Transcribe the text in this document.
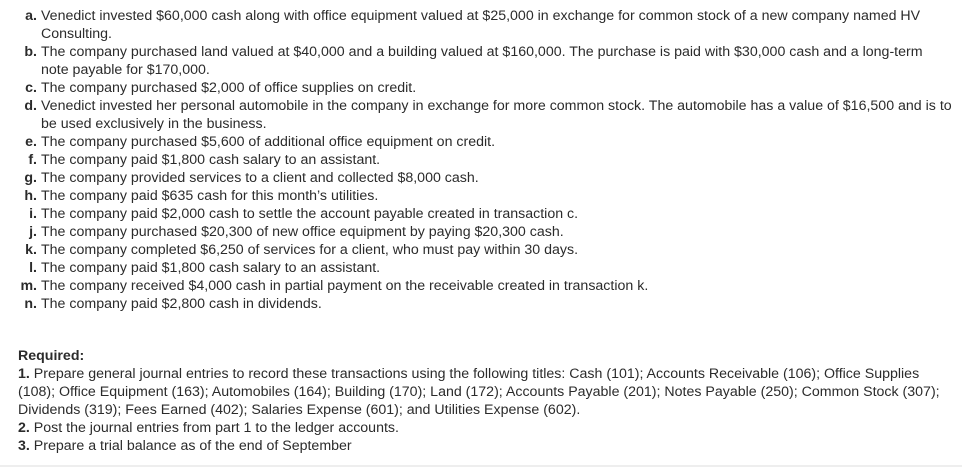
a. Venedict invested $60,000 cash along with office equipment valued at $25,000 in exchange for common stock of a new company named HV Consulting.
b. The company purchased land valued at $40,000 and a building valued at $160,000. The purchase is paid with $30,000 cash and a long-term note payable for $170,000.
c. The company purchased $2,000 of office supplies on credit.
d. Venedict invested her personal automobile in the company in exchange for more common stock. The automobile has a value of $16,500 and is to be used exclusively in the business.
e. The company purchased $5,600 of additional office equipment on credit.
f. The company paid $1,800 cash salary to an assistant.
g. The company provided services to a client and collected $8,000 cash.
h. The company paid $635 cash for this month’s utilities.
i. The company paid $2,000 cash to settle the account payable created in transaction c.
j. The company purchased $20,300 of new office equipment by paying $20,300 cash.
k. The company completed $6,250 of services for a client, who must pay within 30 days.
l. The company paid $1,800 cash salary to an assistant.
m. The company received $4,000 cash in partial payment on the receivable created in transaction k.
n. The company paid $2,800 cash in dividends.
Required:
1. Prepare general journal entries to record these transactions using the following titles: Cash (101); Accounts Receivable (106); Office Supplies (108); Office Equipment (163); Automobiles (164); Building (170); Land (172); Accounts Payable (201); Notes Payable (250); Common Stock (307); Dividends (319); Fees Earned (402); Salaries Expense (601); and Utilities Expense (602).
2. Post the journal entries from part 1 to the ledger accounts.
3. Prepare a trial balance as of the end of September
